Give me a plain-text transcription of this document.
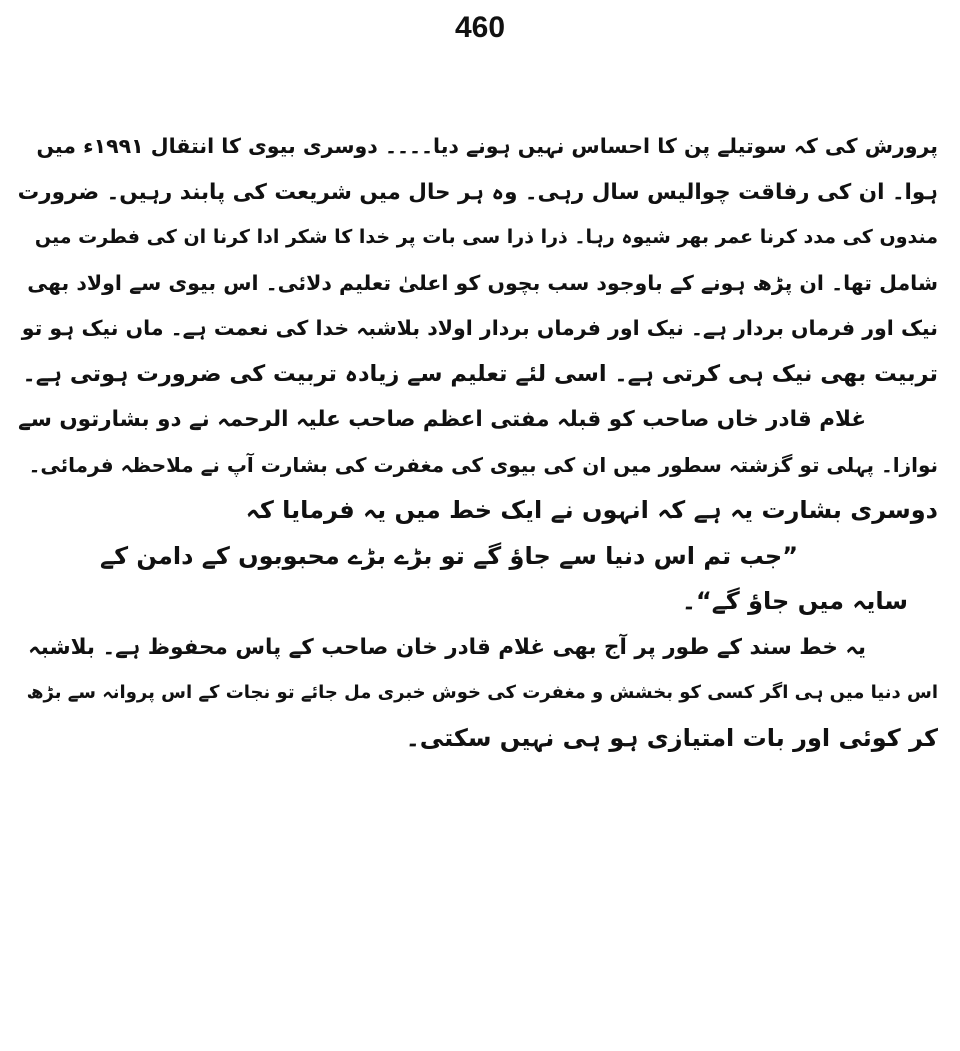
460
پرورش کی کہ سوتیلے پن کا احساس نہیں ہونے دیا۔۔۔۔ دوسری بیوی کا انتقال ۱۹۹۱ء میں
ہوا۔ ان کی رفاقت چوالیس سال رہی۔ وہ ہر حال میں شریعت کی پابند رہیں۔ ضرورت
مندوں کی مدد کرنا عمر بھر شیوہ رہا۔ ذرا ذرا سی بات پر خدا کا شکر ادا کرنا ان کی فطرت میں
شامل تھا۔ ان پڑھ ہونے کے باوجود سب بچوں کو اعلیٰ تعلیم دلائی۔ اس بیوی سے اولاد بھی
نیک اور فرماں بردار ہے۔ نیک اور فرماں بردار اولاد بلاشبہ خدا کی نعمت ہے۔ ماں نیک ہو تو
تربیت بھی نیک ہی کرتی ہے۔ اسی لئے تعلیم سے زیادہ تربیت کی ضرورت ہوتی ہے۔
غلام قادر خاں صاحب کو قبلہ مفتی اعظم صاحب علیہ الرحمہ نے دو بشارتوں سے
نوازا۔ پہلی تو گزشتہ سطور میں ان کی بیوی کی مغفرت کی بشارت آپ نے ملاحظہ فرمائی۔
دوسری بشارت یہ ہے کہ انہوں نے ایک خط میں یہ فرمایا کہ
”جب تم اس دنیا سے جاؤ گے تو بڑے بڑے محبوبوں کے دامن کے
سایہ میں جاؤ گے“۔
یہ خط سند کے طور پر آج بھی غلام قادر خان صاحب کے پاس محفوظ ہے۔ بلاشبہ
اس دنیا میں ہی اگر کسی کو بخشش و مغفرت کی خوش خبری مل جائے تو نجات کے اس پروانہ سے بڑھ
کر کوئی اور بات امتیازی ہو ہی نہیں سکتی۔
